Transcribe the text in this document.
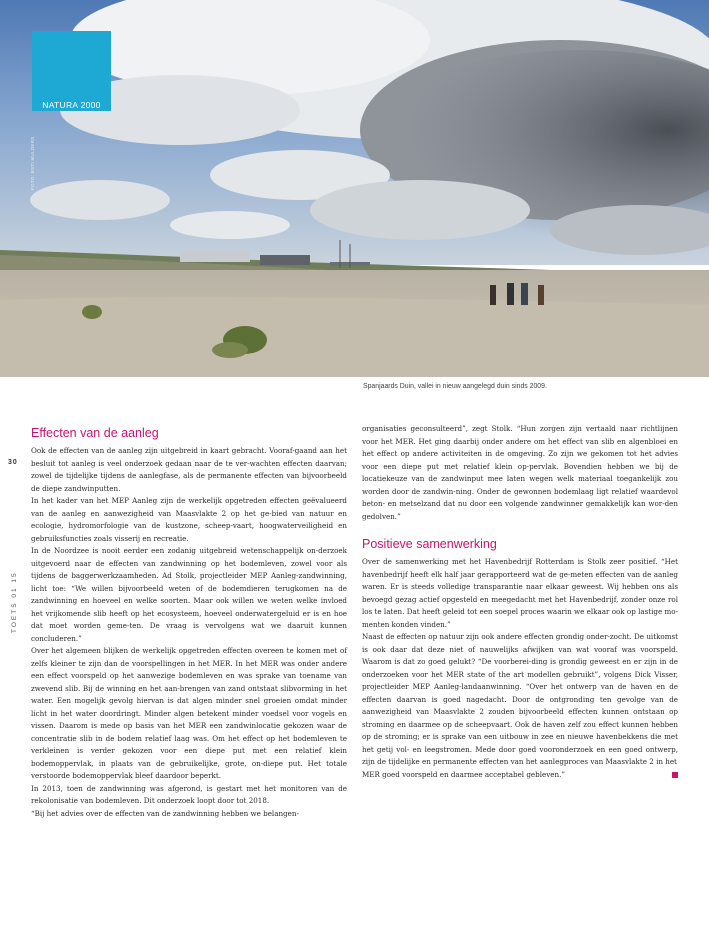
NATURA 2000
FOTO: ESTI MULDERS
Spanjaards Duin, vallei in nieuw aangelegd duin sinds 2009.
30
TOETS 01 15
Effecten van de aanleg

Ook de effecten van de aanleg zijn uitgebreid in kaart gebracht. Vooraf-gaand aan het besluit tot aanleg is veel onderzoek gedaan naar de te ver-wachten effecten daarvan; zowel de tijdelijke tijdens de aanlegfase, als de permanente effecten van bijvoorbeeld de diepe zandwinputten.

In het kader van het MEP Aanleg zijn de werkelijk opgetreden effecten geëvalueerd van de aanleg en aanwezigheid van Maasvlakte 2 op het ge-bied van natuur en ecologie, hydromorfologie van de kustzone, scheep-vaart, hoogwaterveiligheid en gebruiksfuncties zoals visserij en recreatie.

In de Noordzee is nooit eerder een zodanig uitgebreid wetenschappelijk on-derzoek uitgevoerd naar de effecten van zandwinning op het bodemleven, zowel voor als tijdens de baggerwerkzaamheden. Ad Stolk, projectleider MEP Aanleg-zandwinning, licht toe: “We willen bijvoorbeeld weten of de bodemdieren terugkomen na de zandwinning en hoeveel en welke soorten. Maar ook willen we weten welke invloed het vrijkomende slib heeft op het ecosysteem, hoeveel onderwatergeluid er is en hoe dat moet worden geme-ten. De vraag is vervolgens wat we daaruit kunnen concluderen.”

Over het algemeen blijken de werkelijk opgetreden effecten overeen te komen met of zelfs kleiner te zijn dan de voorspellingen in het MER. In het MER was onder andere een effect voorspeld op het aanwezige bodemleven en was sprake van toename van zwevend slib. Bij de winning en het aan-brengen van zand ontstaat slibvorming in het water. Een mogelijk gevolg hiervan is dat algen minder snel groeien omdat minder licht in het water doordringt. Minder algen betekent minder voedsel voor vogels en vissen. Daarom is mede op basis van het MER een zandwinlocatie gekozen waar de concentratie slib in de bodem relatief laag was. Om het effect op het bodemleven te verkleinen is verder gekozen voor een diepe put met een relatief klein bodemoppervlak, in plaats van de gebruikelijke, grote, on-diepe put. Het totale verstoorde bodemoppervlak bleef daardoor beperkt.

In 2013, toen de zandwinning was afgerond, is gestart met het monitoren van de rekolonisatie van bodemleven. Dit onderzoek loopt door tot 2018.

“Bij het advies over de effecten van de zandwinning hebben we belangen-

organisaties geconsulteerd”, zegt Stolk. “Hun zorgen zijn vertaald naar richtlijnen voor het MER. Het ging daarbij onder andere om het effect van slib en algenbloei en het effect op andere activiteiten in de omgeving. Zo zijn we gekomen tot het advies voor een diepe put met relatief klein op-pervlak. Bovendien hebben we bij de locatiekeuze van de zandwinput mee laten wegen welk materiaal toegankelijk zou worden door de zandwin-ning. Onder de gewonnen bodemlaag ligt relatief waardevol beton- en metselzand dat nu door een volgende zandwinner gemakkelijk kan wor-den gedolven.”

Positieve samenwerking

Over de samenwerking met het Havenbedrijf Rotterdam is Stolk zeer positief. “Het havenbedrijf heeft elk half jaar gerapporteerd wat de ge-meten effecten van de aanleg waren. Er is steeds volledige transparantie naar elkaar geweest. Wij hebben ons als bevoegd gezag actief opgesteld en meegedacht met het Havenbedrijf, zonder onze rol los te laten. Dat heeft geleid tot een soepel proces waarin we elkaar ook op lastige mo-menten konden vinden.”

Naast de effecten op natuur zijn ook andere effecten grondig onder-zocht. De uitkomst is ook daar dat deze niet of nauwelijks afwijken van wat vooraf was voorspeld. Waarom is dat zo goed gelukt? “De voorberei-ding is grondig geweest en er zijn in de onderzoeken voor het MER state of the art modellen gebruikt”, volgens Dick Visser, projectleider MEP Aanleg-landaanwinning. “Over het ontwerp van de haven en de effecten daarvan is goed nagedacht. Door de ontgronding ten gevolge van de aanwezigheid van Maasvlakte 2 zouden bijvoorbeeld effecten kunnen ontstaan op stroming en daarmee op de scheepvaart. Ook de haven zelf zou effect kunnen hebben op de stroming; er is sprake van een uitbouw in zee en nieuwe havenbekkens die met het getij vol- en leegstromen. Mede door goed vooronderzoek en een goed ontwerp, zijn de tijdelijke en permanente effecten van het aanlegproces van Maasvlakte 2 in het

MER goed voorspeld en daarmee acceptabel gebleven.”
